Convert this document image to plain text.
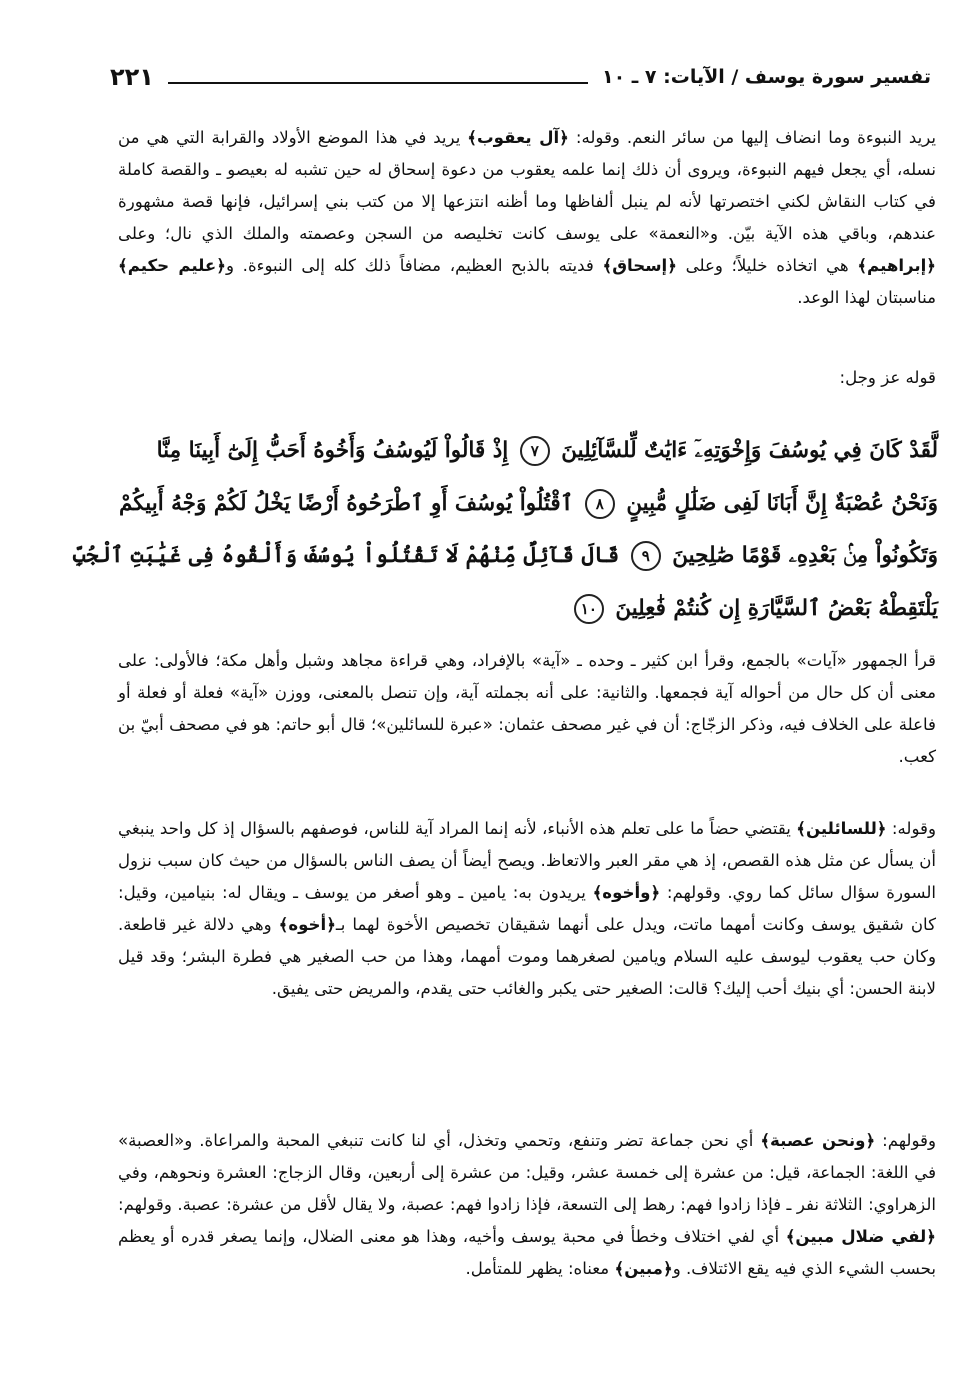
تفسير سورة يوسف / الآيات: ٧ ـ ١٠
٢٢١

يريد النبوءة وما انضاف إليها من سائر النعم. وقوله: ﴿آل يعقوب﴾ يريد في هذا الموضع الأولاد والقرابة التي هي من نسله، أي يجعل فيهم النبوءة، ويروى أن ذلك إنما علمه يعقوب من دعوة إسحاق له حين تشبه له بعيصو ـ والقصة كاملة في كتاب النقاش لكني اختصرتها لأنه لم ينبل ألفاظها وما أظنه انتزعها إلا من كتب بني إسرائيل، فإنها قصة مشهورة عندهم، وباقي هذه الآية بيّن. و«النعمة» على يوسف كانت تخليصه من السجن وعصمته والملك الذي نال؛ وعلى ﴿إبراهيم﴾ هي اتخاذه خليلاً؛ وعلى ﴿إسحاق﴾ فديته بالذبح العظيم، مضافاً ذلك كله إلى النبوءة. و﴿عليم حكيم﴾ مناسبتان لهذا الوعد.

قوله عز وجل:

لَّقَدْ كَانَ فِي يُوسُفَ وَإِخْوَتِهِۦٓ ءَايَٰتٌ لِّلسَّآئِلِينَ ٧ إِذْ قَالُواْ لَيُوسُفُ وَأَخُوهُ أَحَبُّ إِلَىٰٓ أَبِينَا مِنَّا
وَنَحْنُ عُصْبَةٌ إِنَّ أَبَانَا لَفِى ضَلَٰلٍ مُّبِينٍ ٨ ٱقْتُلُواْ يُوسُفَ أَوِ ٱطْرَحُوهُ أَرْضًا يَخْلُ لَكُمْ وَجْهُ أَبِيكُمْ
وَتَكُونُواْ مِنۢ بَعْدِهِۦ قَوْمًا صَٰلِحِينَ ٩ قَالَ قَآئِلٌ مِّنْهُمْ لَا تَقْتُلُواْ يُوسُفَ وَأَلْقُوهُ فِى غَيَٰبَتِ ٱلْجُبِّ
يَلْتَقِطْهُ بَعْضُ ٱلسَّيَّارَةِ إِن كُنتُمْ فَٰعِلِينَ ١٠

قرأ الجمهور «آيات» بالجمع، وقرأ ابن كثير ـ وحده ـ «آية» بالإفراد، وهي قراءة مجاهد وشبل وأهل مكة؛ فالأولى: على معنى أن كل حال من أحواله آية فجمعها. والثانية: على أنه بجملته آية، وإن تنصل بالمعنى، ووزن «آية» فعلة أو فعلة أو فاعلة على الخلاف فيه، وذكر الزجّاج: أن في غير مصحف عثمان: «عبرة للسائلين»؛ قال أبو حاتم: هو في مصحف أبيّ بن كعب.

وقوله: ﴿للسائلين﴾ يقتضي حضاً ما على تعلم هذه الأنباء، لأنه إنما المراد آية للناس، فوصفهم بالسؤال إذ كل واحد ينبغي أن يسأل عن مثل هذه القصص، إذ هي مقر العبر والاتعاظ. ويصح أيضاً أن يصف الناس بالسؤال من حيث كان سبب نزول السورة سؤال سائل كما روي. وقولهم: ﴿وأخوه﴾ يريدون به: يامين ـ وهو أصغر من يوسف ـ ويقال له: بنيامين، وقيل: كان شقيق يوسف وكانت أمهما ماتت، ويدل على أنهما شقيقان تخصيص الأخوة لهما بـ﴿أخوه﴾ وهي دلالة غير قاطعة. وكان حب يعقوب ليوسف عليه السلام ويامين لصغرهما وموت أمهما، وهذا من حب الصغير هي فطرة البشر؛ وقد قيل لابنة الحسن: أي بنيك أحب إليك؟ قالت: الصغير حتى يكبر والغائب حتى يقدم، والمريض حتى يفيق.

وقولهم: ﴿ونحن عصبة﴾ أي نحن جماعة تضر وتنفع، وتحمي وتخذل، أي لنا كانت تنبغي المحبة والمراعاة. و«العصبة» في اللغة: الجماعة، قيل: من عشرة إلى خمسة عشر، وقيل: من عشرة إلى أربعين، وقال الزجاج: العشرة ونحوهم، وفي الزهراوي: الثلاثة نفر ـ فإذا زادوا فهم: رهط إلى التسعة، فإذا زادوا فهم: عصبة، ولا يقال لأقل من عشرة: عصبة. وقولهم: ﴿لفي ضلال مبين﴾ أي لفي اختلاف وخطأ في محبة يوسف وأخيه، وهذا هو معنى الضلال، وإنما يصغر قدره أو يعظم بحسب الشيء الذي فيه يقع الائتلاف. و﴿مبين﴾ معناه: يظهر للمتأمل.
